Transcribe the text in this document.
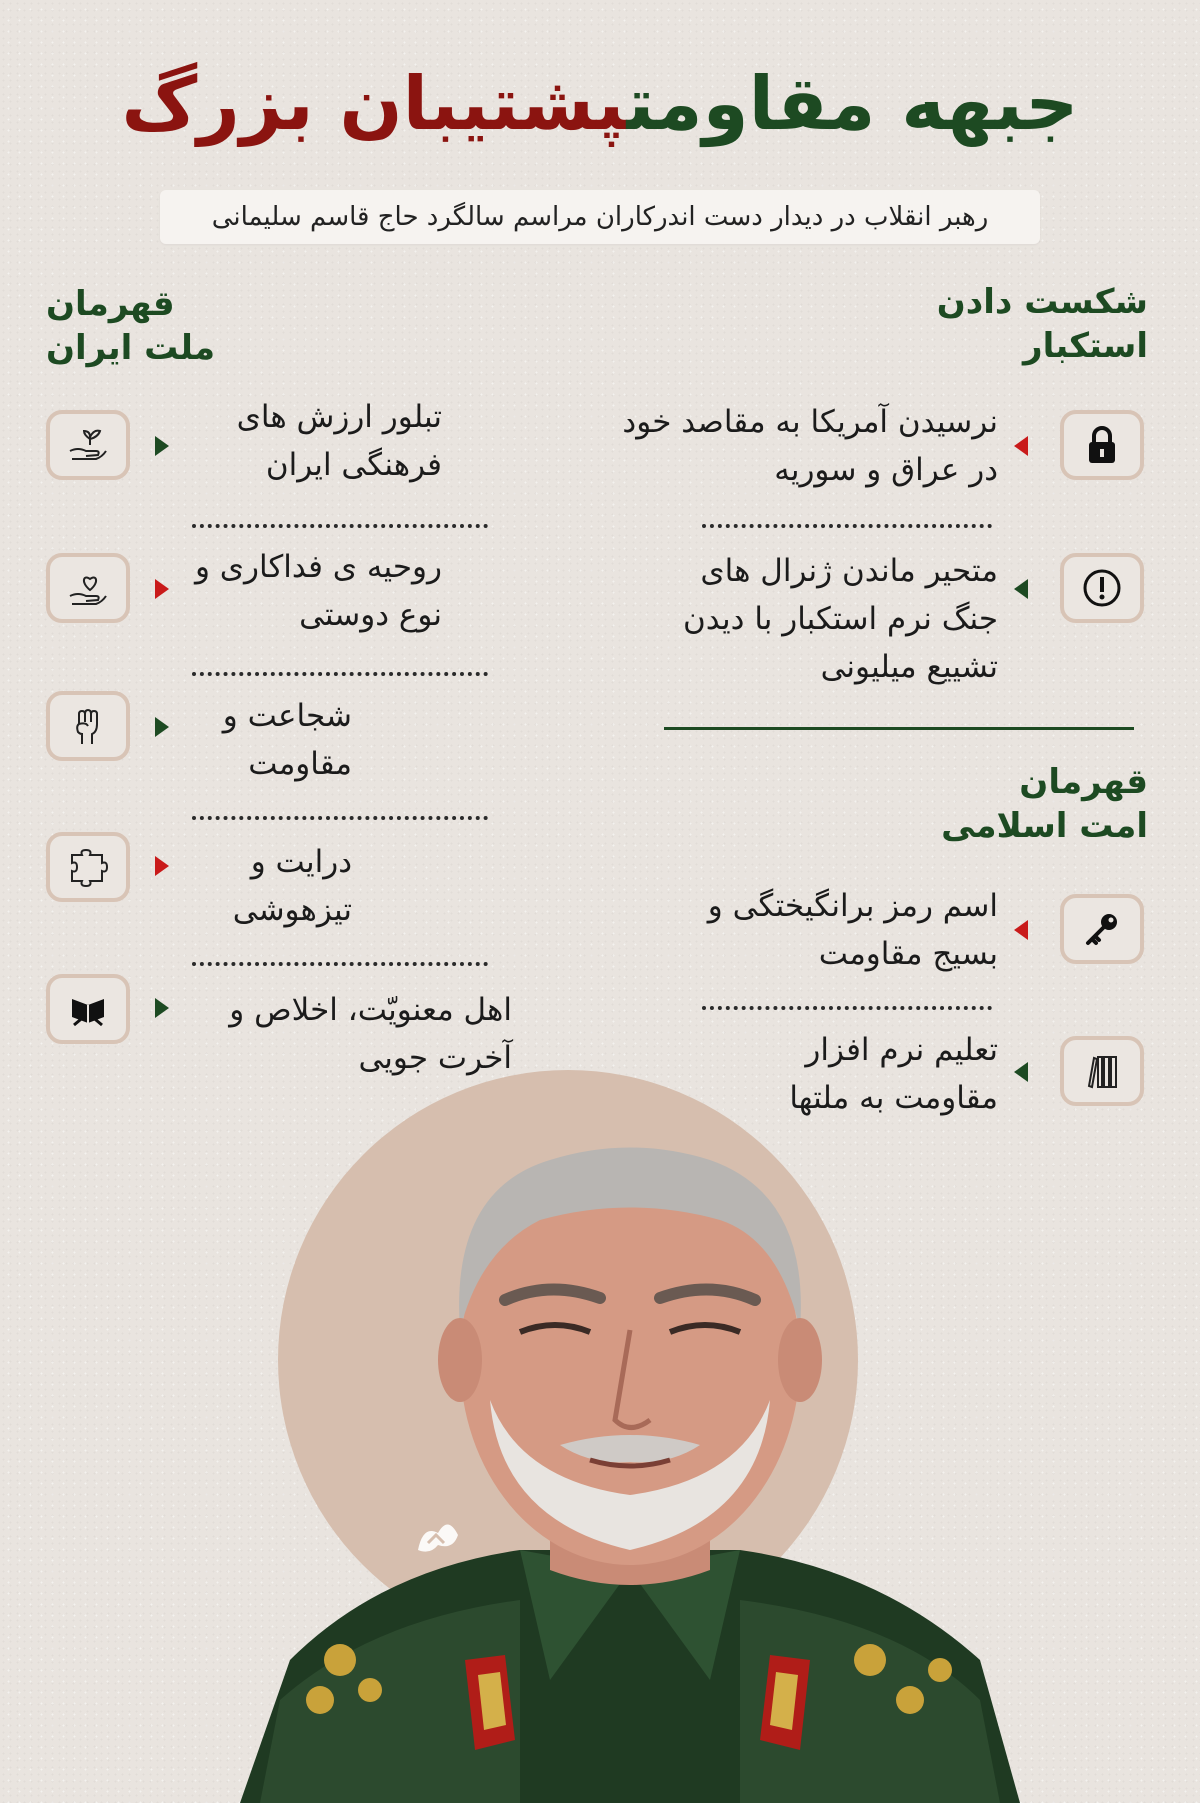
جبهه مقاومتپشتیبان بزرگ
رهبر انقلاب در دیدار دست اندرکاران مراسم سالگرد حاج قاسم سلیمانی
شکست دادن
استکبار
نرسیدن آمریکا به مقاصد خود در عراق و سوریه
متحیر ماندن ژنرال های جنگ نرم استکبار با دیدن تشییع میلیونی
قهرمان
امت اسلامی
اسم رمز برانگیختگی و بسیج مقاومت
تعلیم نرم افزار مقاومت به ملتها
قهرمان
ملت ایران
تبلور ارزش های فرهنگی ایران
روحیه ی فداکاری و نوع دوستی
شجاعت و مقاومت
درایت و تیزهوشی
اهل معنویّت، اخلاص و آخرت جویی
